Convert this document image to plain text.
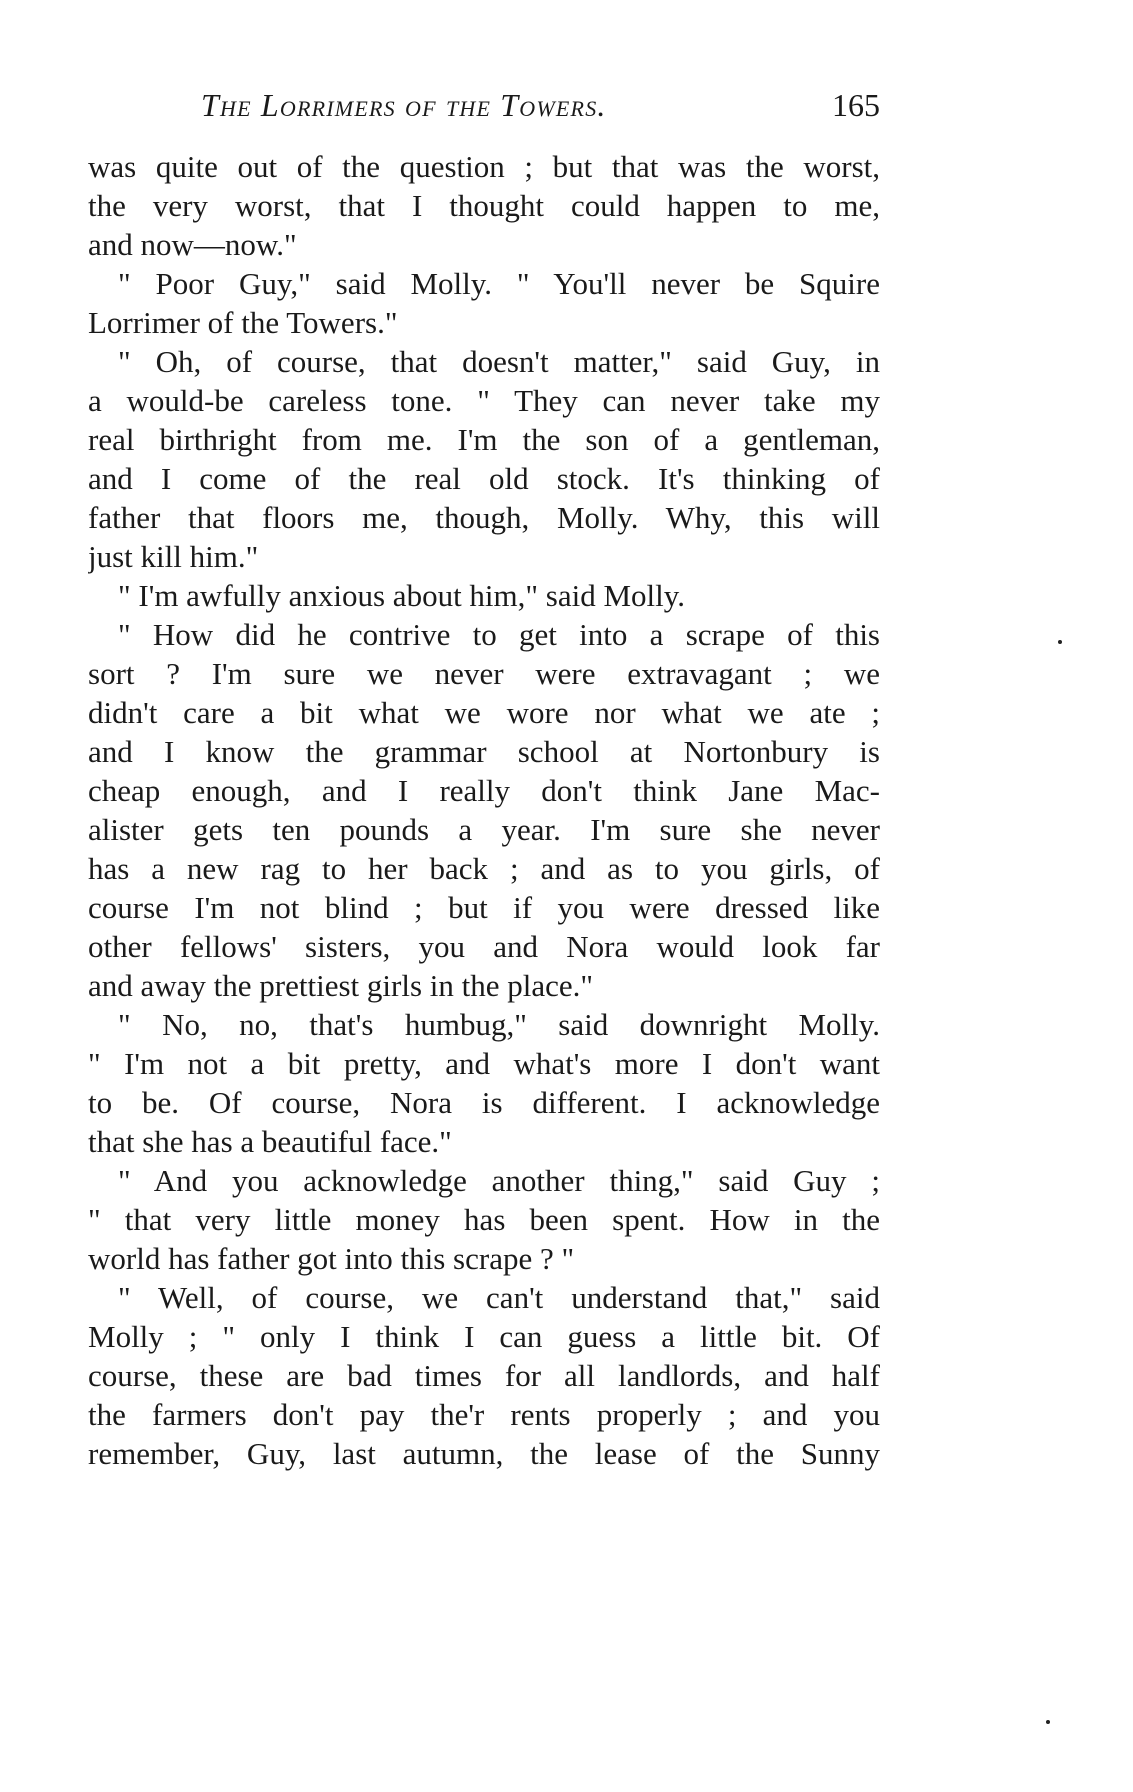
The Lorrimers of the Towers.	165
was quite out of the question ; but that was the worst,
the very worst, that I thought could happen to me,
and now—now."
" Poor Guy," said Molly. " You'll never be Squire
Lorrimer of the Towers."
" Oh, of course, that doesn't matter," said Guy, in
a would-be careless tone. " They can never take my
real birthright from me. I'm the son of a gentleman,
and I come of the real old stock. It's thinking of
father that floors me, though, Molly. Why, this will
just kill him."
" I'm awfully anxious about him," said Molly.
" How did he contrive to get into a scrape of this
sort ? I'm sure we never were extravagant ; we
didn't care a bit what we wore nor what we ate ;
and I know the grammar school at Nortonbury is
cheap enough, and I really don't think Jane Mac-
alister gets ten pounds a year. I'm sure she never
has a new rag to her back ; and as to you girls, of
course I'm not blind ; but if you were dressed like
other fellows' sisters, you and Nora would look far
and away the prettiest girls in the place."
" No, no, that's humbug," said downright Molly.
" I'm not a bit pretty, and what's more I don't want
to be. Of course, Nora is different. I acknowledge
that she has a beautiful face."
" And you acknowledge another thing," said Guy ;
" that very little money has been spent. How in the
world has father got into this scrape ? "
" Well, of course, we can't understand that," said
Molly ; " only I think I can guess a little bit. Of
course, these are bad times for all landlords, and half
the farmers don't pay the'r rents properly ; and you
remember, Guy, last autumn, the lease of the Sunny
